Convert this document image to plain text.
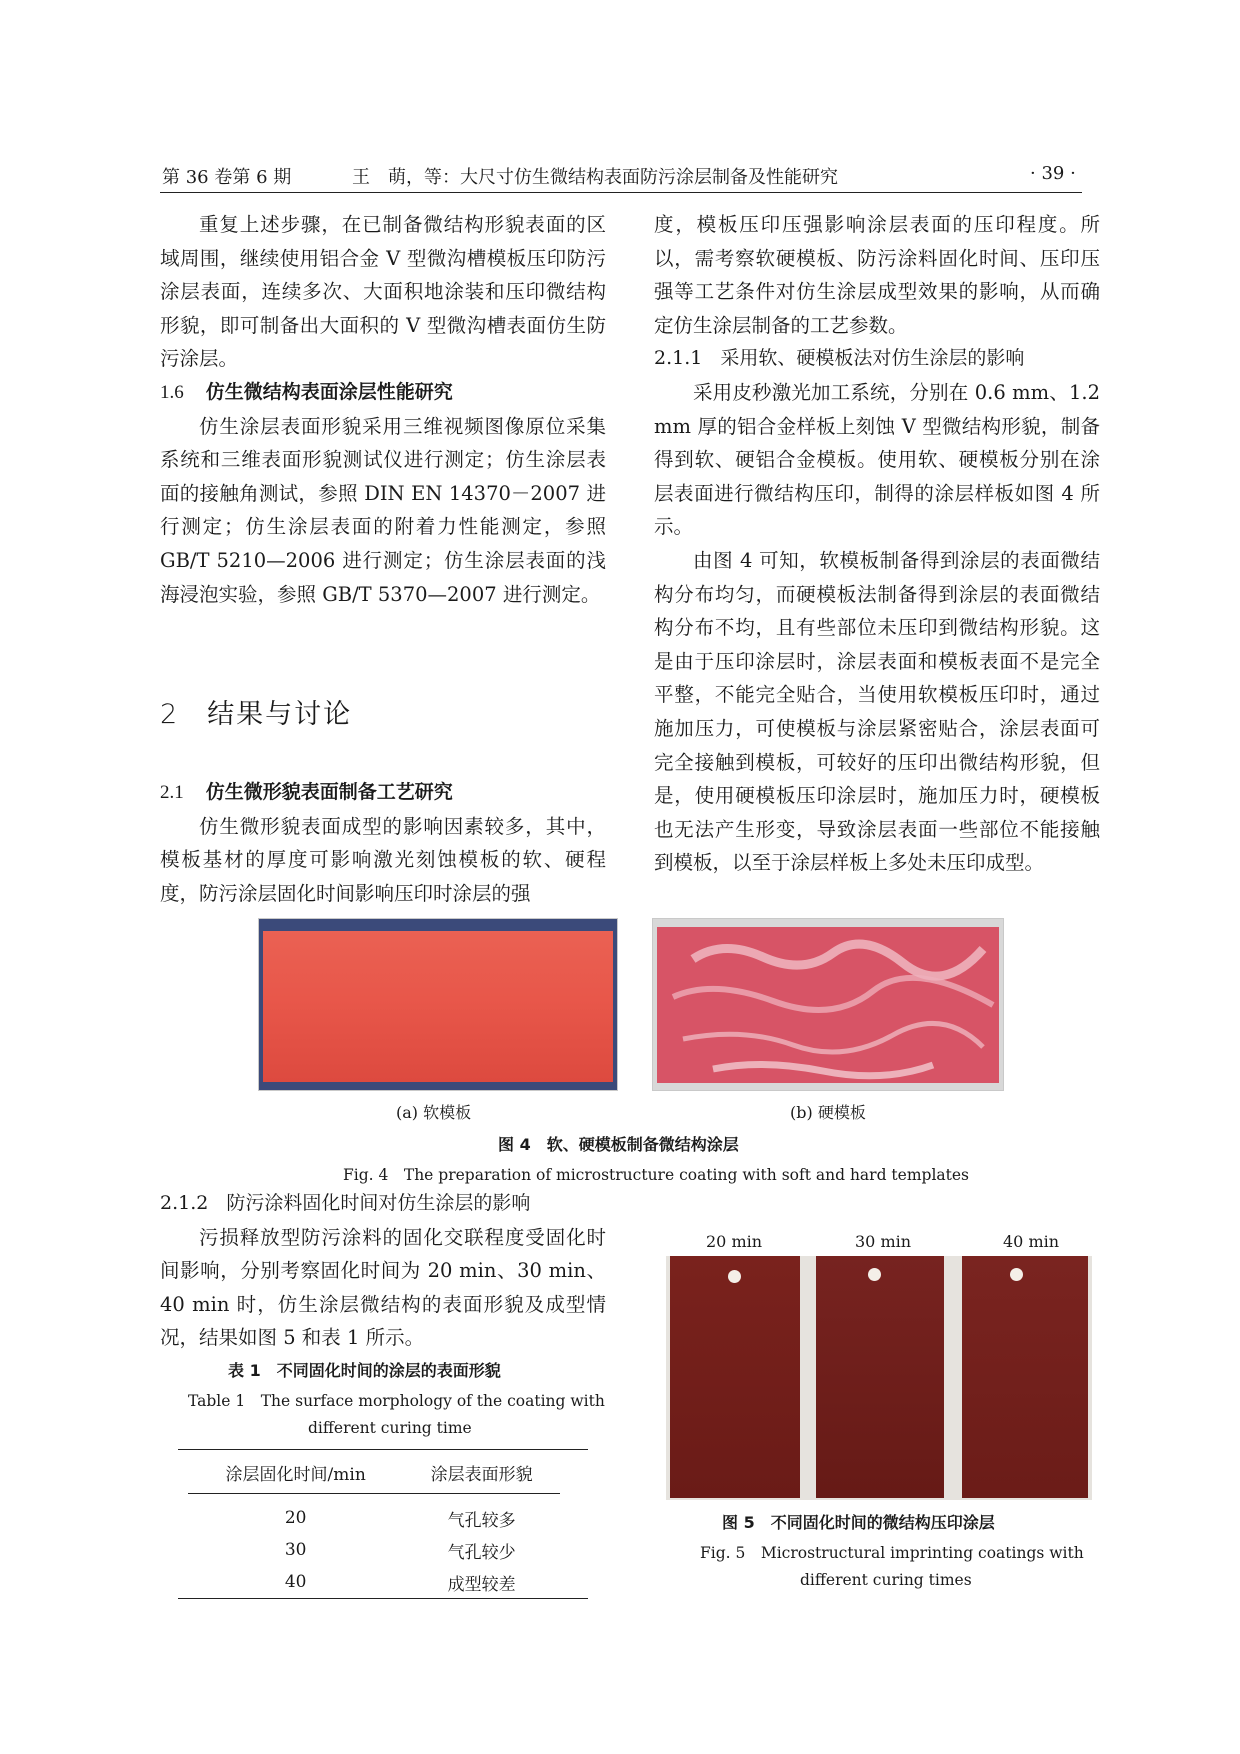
第 36 卷第 6 期	王　萌，等：大尺寸仿生微结构表面防污涂层制备及性能研究	· 39 ·

重复上述步骤，在已制备微结构形貌表面的区域周围，继续使用铝合金 V 型微沟槽模板压印防污涂层表面，连续多次、大面积地涂装和压印微结构形貌，即可制备出大面积的 V 型微沟槽表面仿生防污涂层。

1.6 仿生微结构表面涂层性能研究

仿生涂层表面形貌采用三维视频图像原位采集系统和三维表面形貌测试仪进行测定；仿生涂层表面的接触角测试，参照 DIN EN 14370－2007 进行测定；仿生涂层表面的附着力性能测定，参照 GB/T 5210—2006 进行测定；仿生涂层表面的浅海浸泡实验，参照 GB/T 5370—2007 进行测定。

2 结果与讨论
2.1 仿生微形貌表面制备工艺研究

仿生微形貌表面成型的影响因素较多，其中，模板基材的厚度可影响激光刻蚀模板的软、硬程度，防污涂层固化时间影响压印时涂层的强

度，模板压印压强影响涂层表面的压印程度。所以，需考察软硬模板、防污涂料固化时间、压印压强等工艺条件对仿生涂层成型效果的影响，从而确定仿生涂层制备的工艺参数。

2.1.1 采用软、硬模板法对仿生涂层的影响

采用皮秒激光加工系统，分别在 0.6 mm、1.2 mm 厚的铝合金样板上刻蚀 V 型微结构形貌，制备得到软、硬铝合金模板。使用软、硬模板分别在涂层表面进行微结构压印，制得的涂层样板如图 4 所示。

由图 4 可知，软模板制备得到涂层的表面微结构分布均匀，而硬模板法制备得到涂层的表面微结构分布不均，且有些部位未压印到微结构形貌。这是由于压印涂层时，涂层表面和模板表面不是完全平整，不能完全贴合，当使用软模板压印时，通过施加压力，可使模板与涂层紧密贴合，涂层表面可完全接触到模板，可较好的压印出微结构形貌，但是，使用硬模板压印涂层时，施加压力时，硬模板也无法产生形变，导致涂层表面一些部位不能接触到模板，以至于涂层样板上多处未压印成型。

(a) 软模板	(b) 硬模板
图 4　软、硬模板制备微结构涂层
Fig. 4　The preparation of microstructure coating with soft and hard templates
2.1.2 防污涂料固化时间对仿生涂层的影响

污损释放型防污涂料的固化交联程度受固化时间影响，分别考察固化时间为 20 min、30 min、40 min 时，仿生涂层微结构的表面形貌及成型情况，结果如图 5 和表 1 所示。

表 1　不同固化时间的涂层的表面形貌
Table 1　The surface morphology of the coating with
different curing time
涂层固化时间/min	涂层表面形貌
20	气孔较多
30	气孔较少
40	成型较差
20 min	30 min	40 min
图 5　不同固化时间的微结构压印涂层
Fig. 5　Microstructural imprinting coatings with
different curing times
